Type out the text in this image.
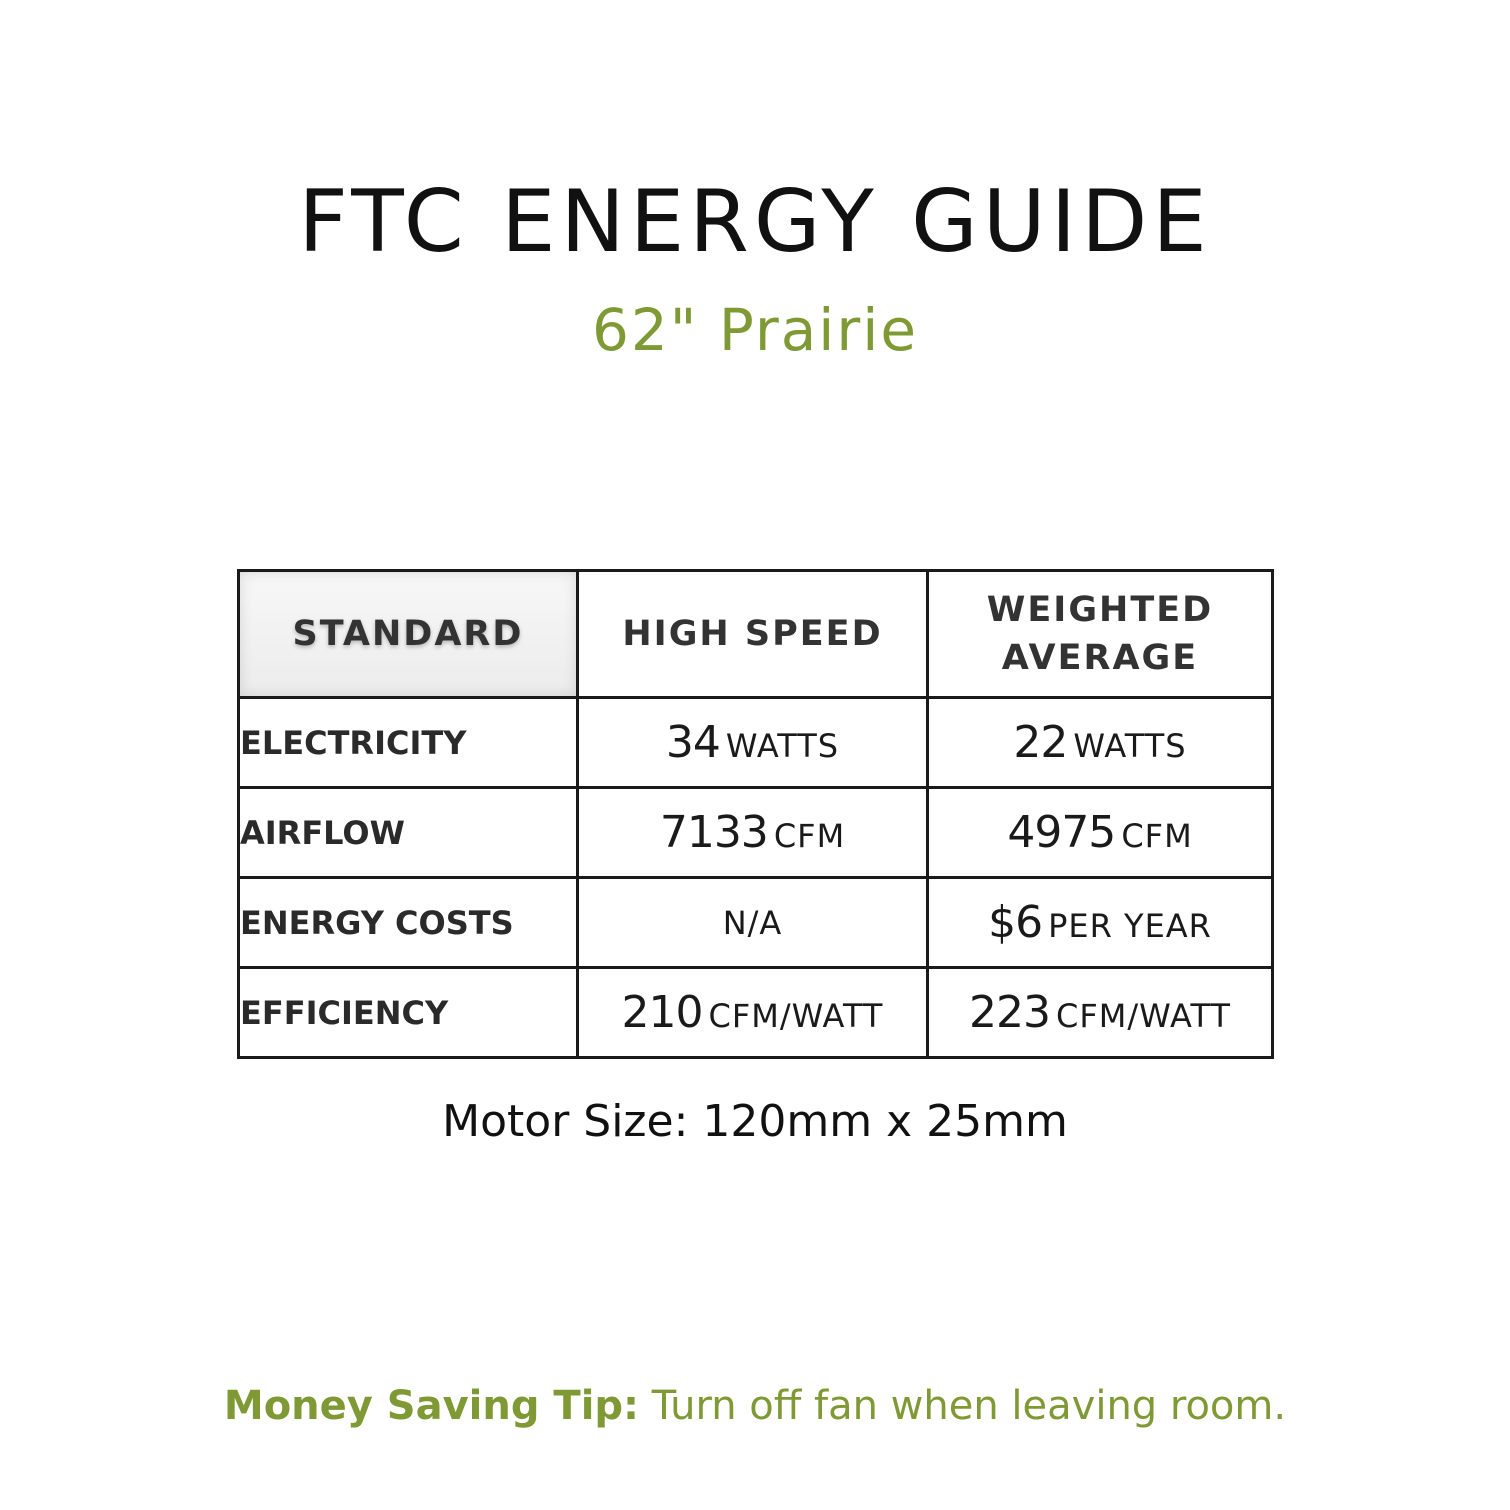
FTC ENERGY GUIDE
62" Prairie
STANDARD	HIGH SPEED	WEIGHTED AVERAGE
ELECTRICITY	34 WATTS	22 WATTS
AIRFLOW	7133 CFM	4975 CFM
ENERGY COSTS	N/A	$6 PER YEAR
EFFICIENCY	210 CFM/WATT	223 CFM/WATT
Motor Size: 120mm x 25mm
Money Saving Tip: Turn off fan when leaving room.
